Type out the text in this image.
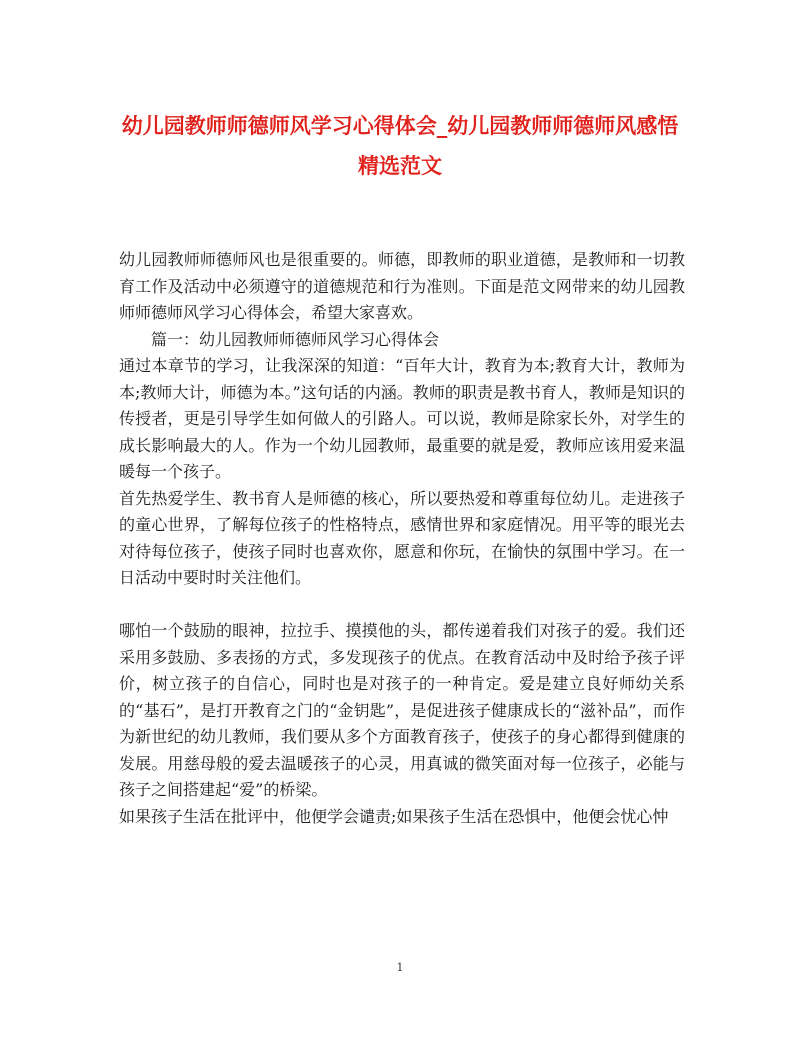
幼儿园教师师德师风学习心得体会_幼儿园教师师德师风感悟精选范文

幼儿园教师师德师风也是很重要的。师德，即教师的职业道德，是教师和一切教育工作及活动中必须遵守的道德规范和行为准则。下面是范文网带来的幼儿园教师师德师风学习心得体会，希望大家喜欢。

篇一：幼儿园教师师德师风学习心得体会

通过本章节的学习，让我深深的知道：“百年大计，教育为本;教育大计，教师为本;教师大计，师德为本。”这句话的内涵。教师的职责是教书育人，教师是知识的传授者，更是引导学生如何做人的引路人。可以说，教师是除家长外，对学生的成长影响最大的人。作为一个幼儿园教师，最重要的就是爱，教师应该用爱来温暖每一个孩子。

首先热爱学生、教书育人是师德的核心，所以要热爱和尊重每位幼儿。走进孩子的童心世界，了解每位孩子的性格特点，感情世界和家庭情况。用平等的眼光去对待每位孩子，使孩子同时也喜欢你，愿意和你玩，在愉快的氛围中学习。在一日活动中要时时关注他们。

哪怕一个鼓励的眼神，拉拉手、摸摸他的头，都传递着我们对孩子的爱。我们还采用多鼓励、多表扬的方式，多发现孩子的优点。在教育活动中及时给予孩子评价，树立孩子的自信心，同时也是对孩子的一种肯定。爱是建立良好师幼关系的“基石”，是打开教育之门的“金钥匙”，是促进孩子健康成长的“滋补品”，而作为新世纪的幼儿教师，我们要从多个方面教育孩子，使孩子的身心都得到健康的发展。用慈母般的爱去温暖孩子的心灵，用真诚的微笑面对每一位孩子，必能与孩子之间搭建起“爱”的桥梁。

如果孩子生活在批评中，他便学会谴责;如果孩子生活在恐惧中，他便会忧心忡

1
